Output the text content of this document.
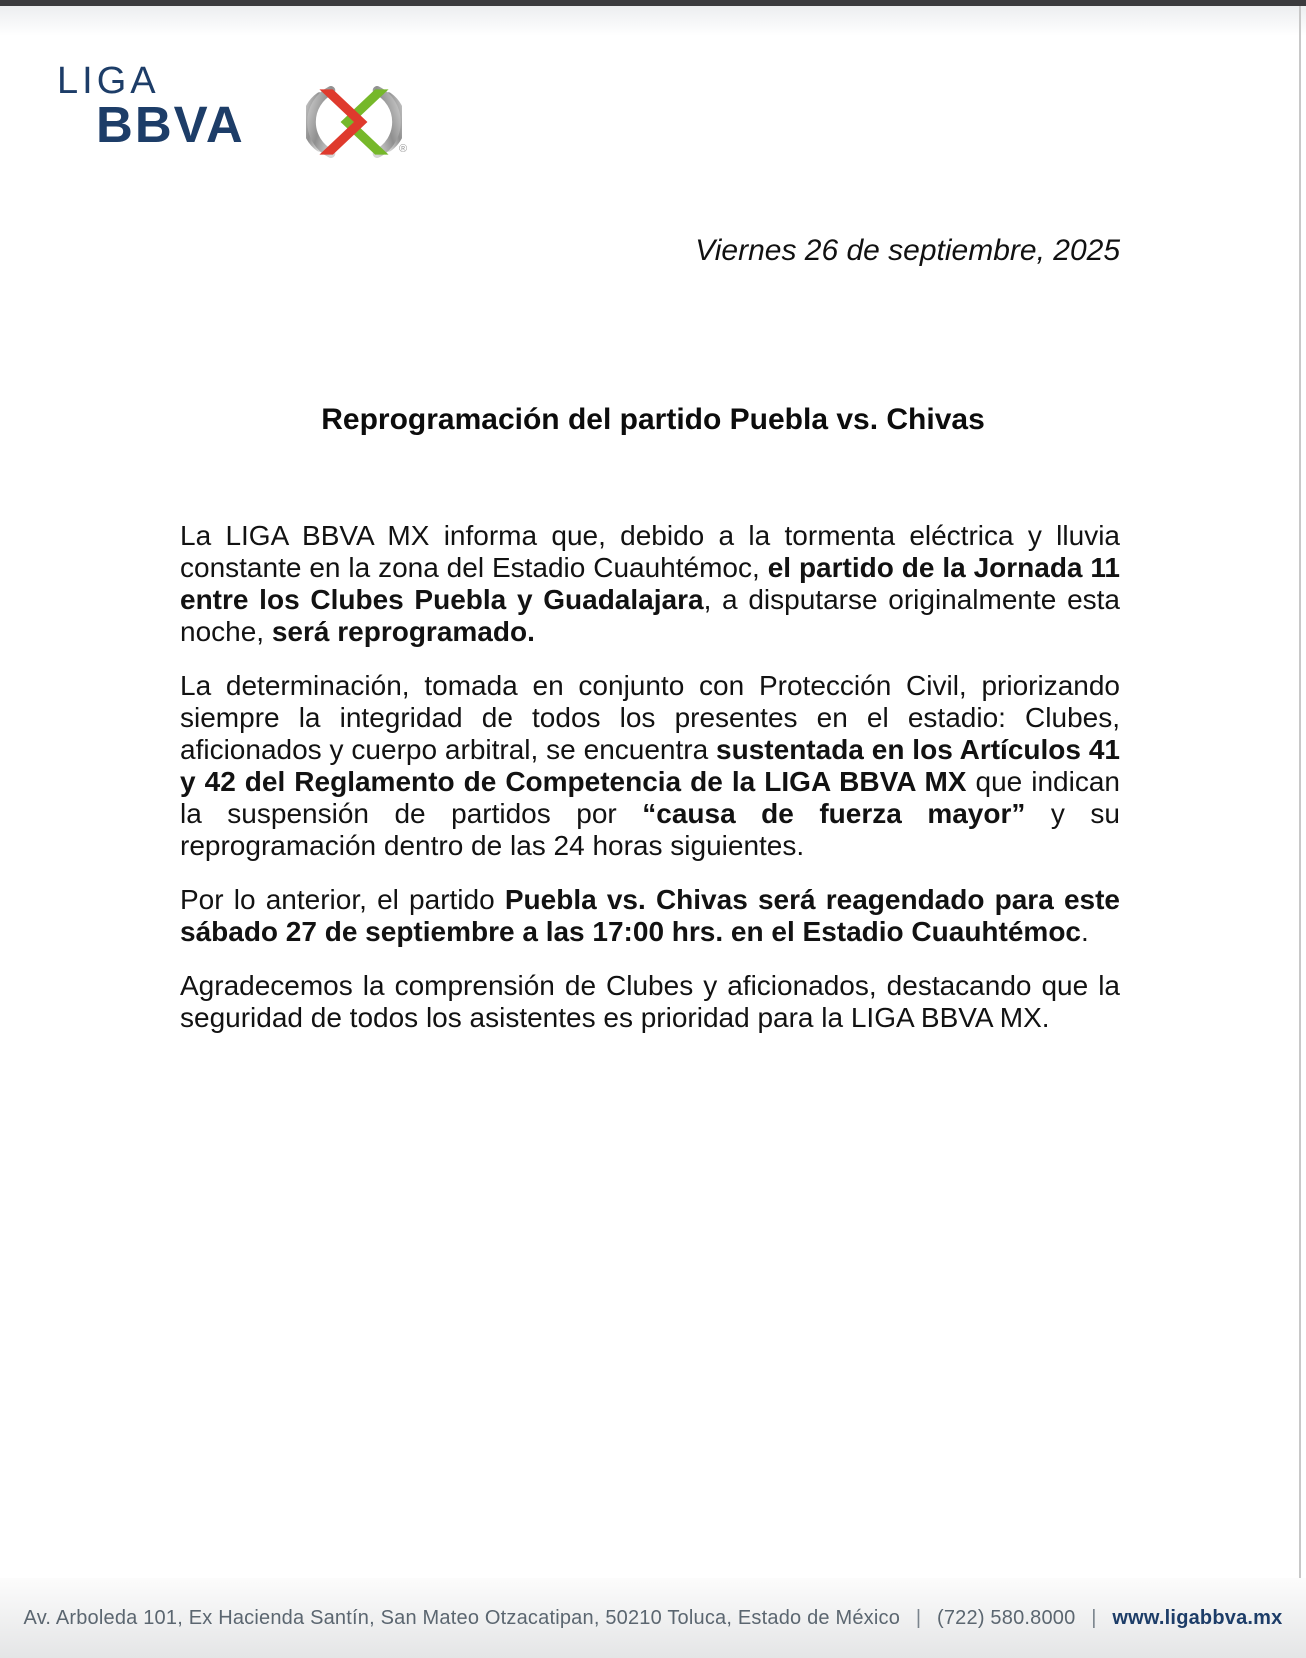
LIGA
BBVA	®
Viernes 26 de septiembre, 2025
Reprogramación del partido Puebla vs. Chivas

La LIGA BBVA MX informa que, debido a la tormenta eléctrica y lluvia constante en la zona del Estadio Cuauhtémoc, el partido de la Jornada 11 entre los Clubes Puebla y Guadalajara, a disputarse originalmente esta noche, será reprogramado.

La determinación, tomada en conjunto con Protección Civil, priorizando siempre la integridad de todos los presentes en el estadio: Clubes, aficionados y cuerpo arbitral, se encuentra sustentada en los Artículos 41 y 42 del Reglamento de Competencia de la LIGA BBVA MX que indican la suspensión de partidos por “causa de fuerza mayor” y su reprogramación dentro de las 24 horas siguientes.

Por lo anterior, el partido Puebla vs. Chivas será reagendado para este sábado 27 de septiembre a las 17:00 hrs. en el Estadio Cuauhtémoc.

Agradecemos la comprensión de Clubes y aficionados, destacando que la seguridad de todos los asistentes es prioridad para la LIGA BBVA MX.

Av. Arboleda 101, Ex Hacienda Santín, San Mateo Otzacatipan, 50210 Toluca, Estado de México | (722) 580.8000 | www.ligabbva.mx
